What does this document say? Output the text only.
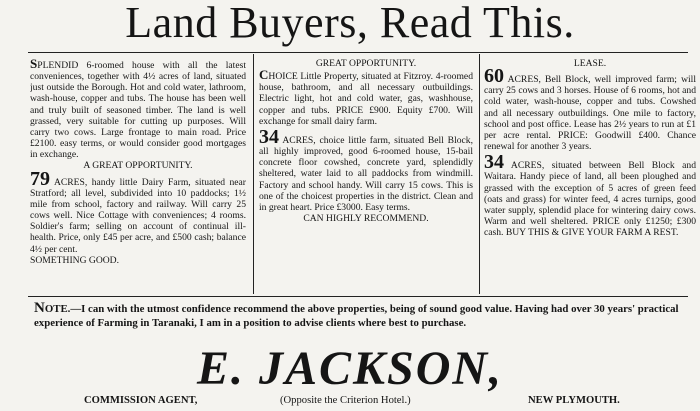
Land Buyers, Read This.

SPLENDID 6-roomed house with all the latest conveniences, together with 4½ acres of land, situated just outside the Borough. Hot and cold water, lathroom, wash-house, copper and tubs. The house has been well and truly built of seasoned timber. The land is well grassed, very suitable for cutting up purposes. Will carry two cows. Large frontage to main road. Price £2100. easy terms, or would consider good mortgages in exchange.

A GREAT OPPORTUNITY.

79 ACRES, handy little Dairy Farm, situated near Stratford; all level, subdivided into 10 paddocks; 1½ mile from school, factory and railway. Will carry 25 cows well. Nice Cottage with conveniences; 4 rooms. Soldier's farm; selling on account of continual ill-health. Price, only £45 per acre, and £500 cash; balance 4½ per cent.

SOMETHING GOOD.
GREAT OPPORTUNITY.

CHOICE Little Property, situated at Fitzroy. 4-roomed house, bathroom, and all necessary outbuildings. Electric light, hot and cold water, gas, washhouse, copper and tubs. PRICE £900. Equity £700. Will exchange for small dairy farm.

34 ACRES, choice little farm, situated Bell Block, all highly improved, good 6-roomed house, 15-bail concrete floor cowshed, concrete yard, splendidly sheltered, water laid to all paddocks from windmill. Factory and school handy. Will carry 15 cows. This is one of the choicest properties in the district. Clean and in great heart. Price £3000. Easy terms.

CAN HIGHLY RECOMMEND.
LEASE.

60 ACRES, Bell Block, well improved farm; will carry 25 cows and 3 horses. House of 6 rooms, hot and cold water, wash-house, copper and tubs. Cowshed and all necessary outbuildings. One mile to factory, school and post office. Lease has 2½ years to run at £1 per acre rental. PRICE: Goodwill £400. Chance renewal for another 3 years.

34 ACRES, situated between Bell Block and Waitara. Handy piece of land, all been ploughed and grassed with the exception of 5 acres of green feed (oats and grass) for winter feed, 4 acres turnips, good water supply, splendid place for wintering dairy cows. Warm and well sheltered. PRICE only £1250; £300 cash. BUY THIS & GIVE YOUR FARM A REST.

NOTE.—I can with the utmost confidence recommend the above properties, being of sound good value. Having had over 30 years' practical experience of Farming in Taranaki, I am in a position to advise clients where best to purchase.
E. JACKSON,
COMMISSION AGENT,	(Opposite the Criterion Hotel.)	NEW PLYMOUTH.
